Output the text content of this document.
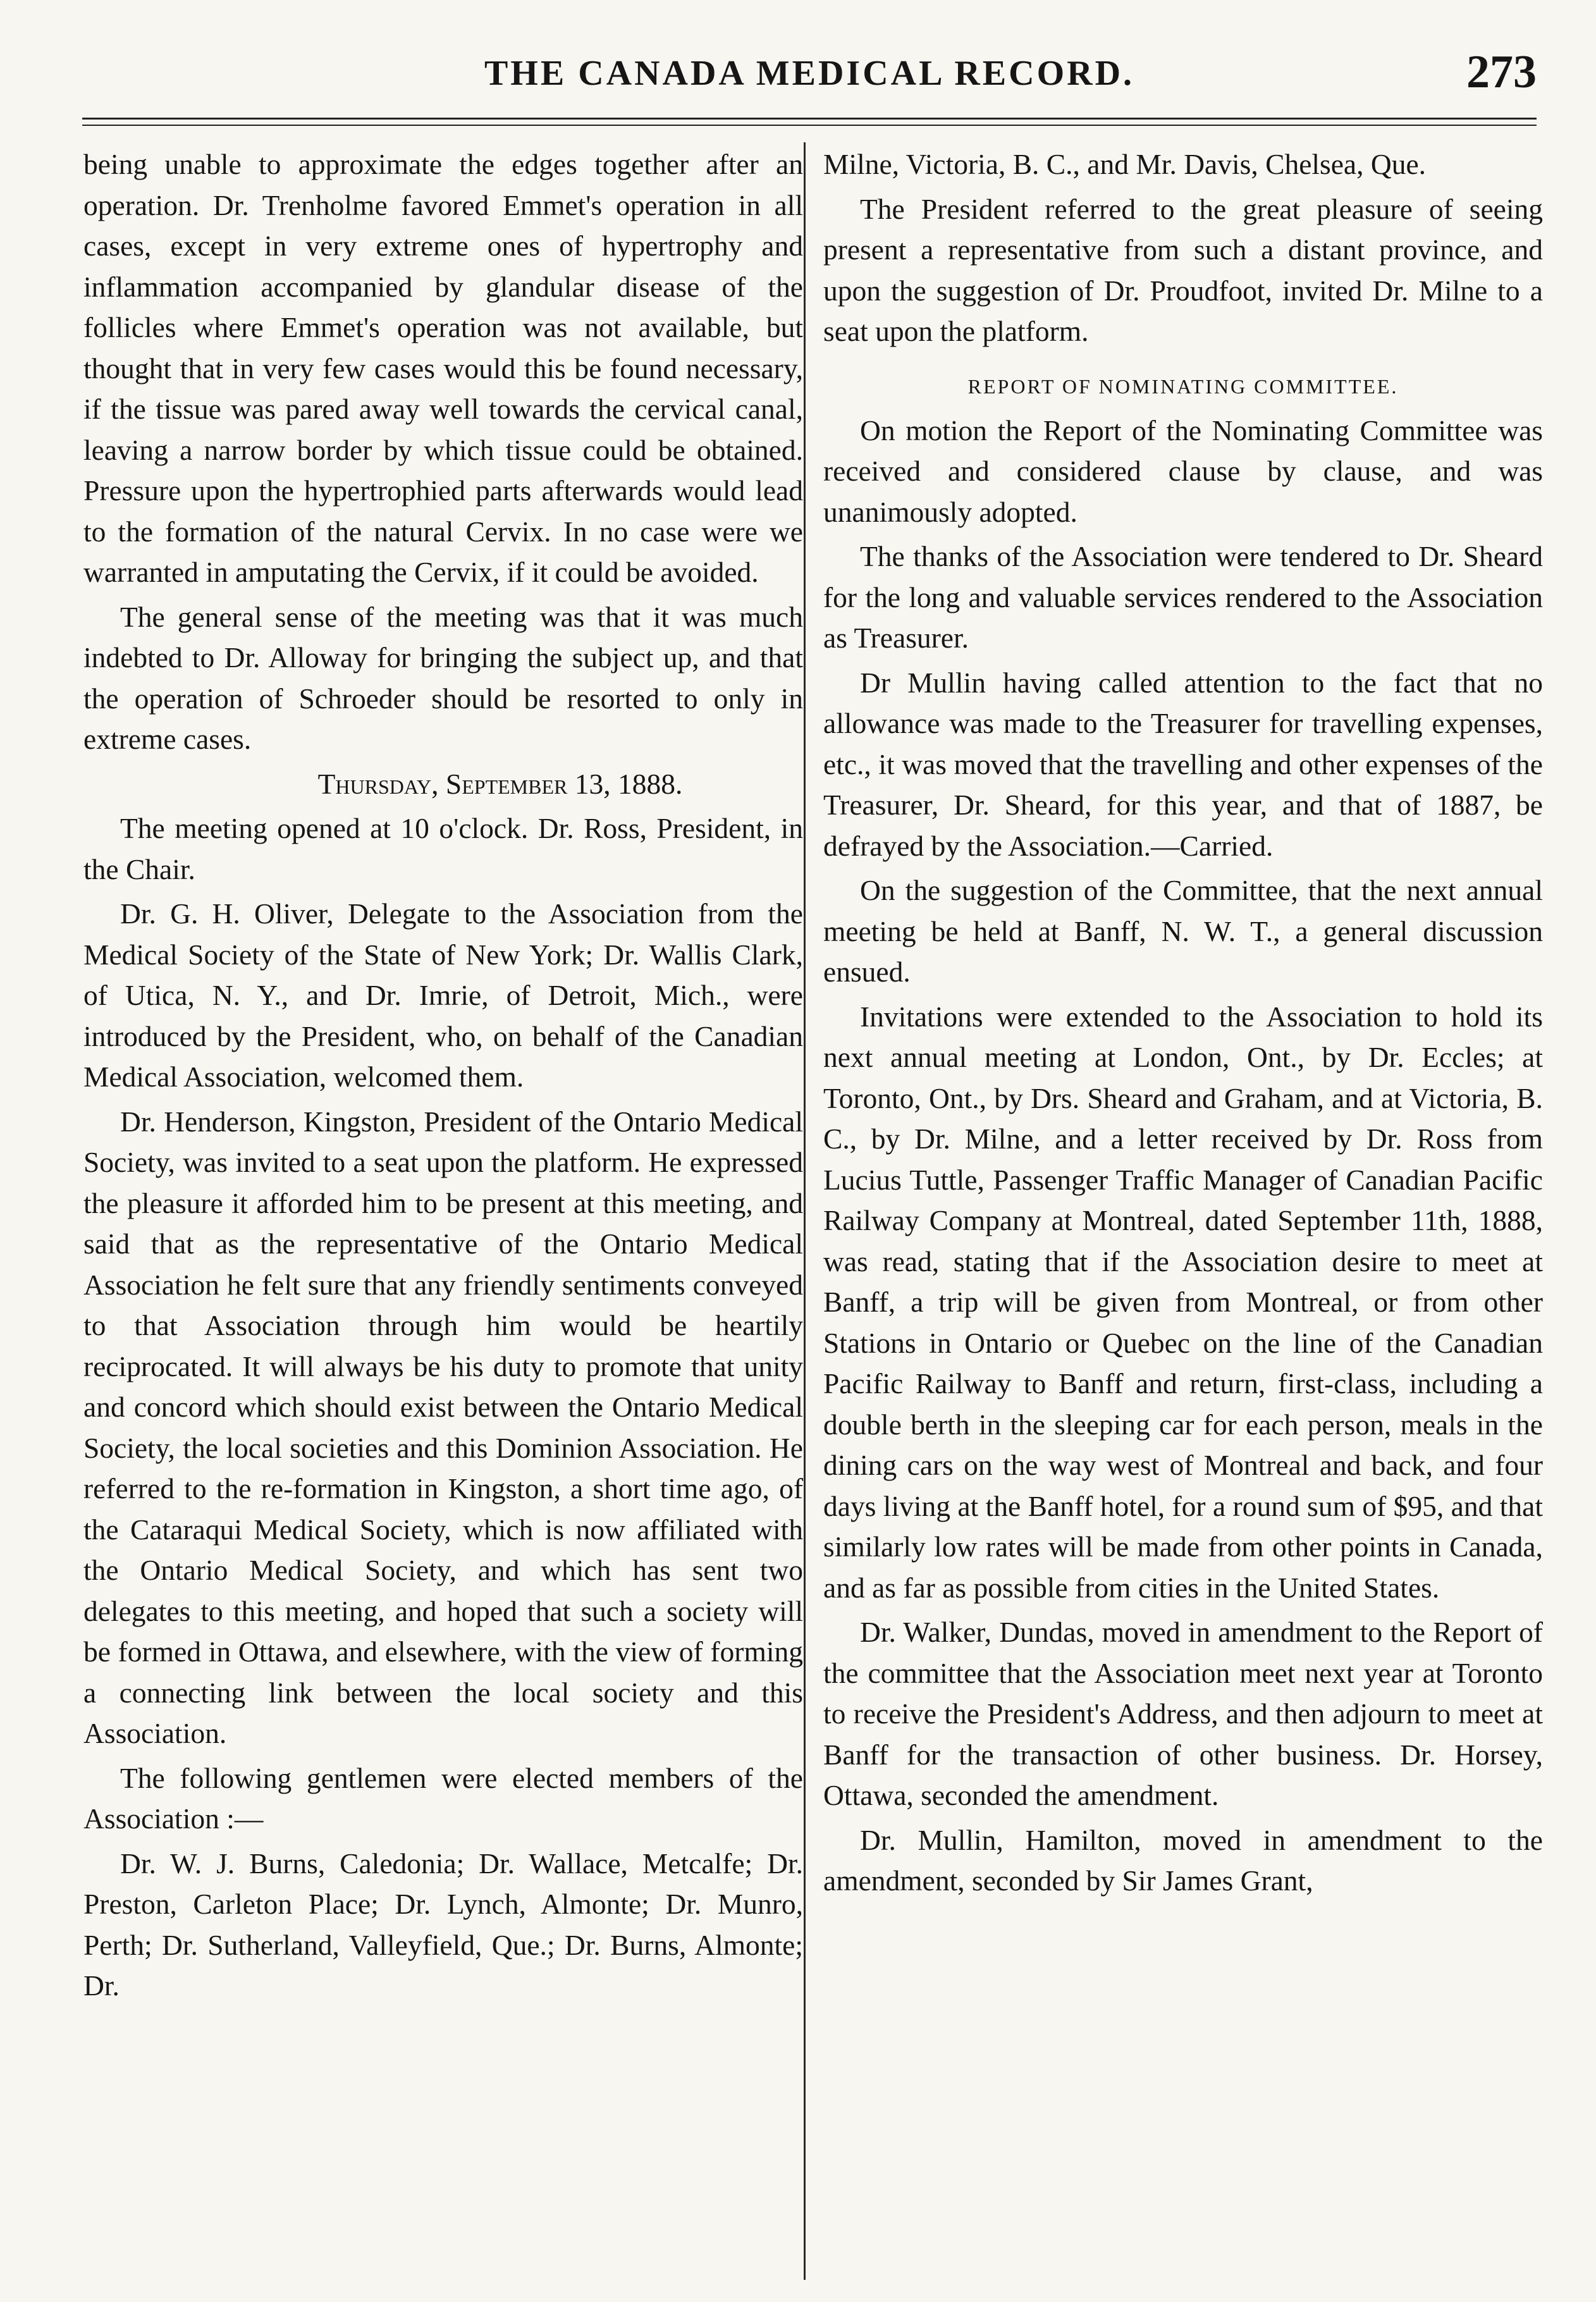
THE CANADA MEDICAL RECORD.	273

being unable to approximate the edges together after an operation. Dr. Trenholme favored Emmet's operation in all cases, except in very extreme ones of hypertrophy and inflammation accompanied by glandular disease of the follicles where Emmet's operation was not available, but thought that in very few cases would this be found necessary, if the tissue was pared away well towards the cervical canal, leaving a narrow border by which tissue could be obtained. Pressure upon the hypertrophied parts afterwards would lead to the formation of the natural Cervix. In no case were we warranted in amputating the Cervix, if it could be avoided.

The general sense of the meeting was that it was much indebted to Dr. Alloway for bringing the subject up, and that the operation of Schroeder should be resorted to only in extreme cases.

Thursday, September 13, 1888.

The meeting opened at 10 o'clock. Dr. Ross, President, in the Chair.

Dr. G. H. Oliver, Delegate to the Association from the Medical Society of the State of New York; Dr. Wallis Clark, of Utica, N. Y., and Dr. Imrie, of Detroit, Mich., were introduced by the President, who, on behalf of the Canadian Medical Association, welcomed them.

Dr. Henderson, Kingston, President of the Ontario Medical Society, was invited to a seat upon the platform. He expressed the pleasure it afforded him to be present at this meeting, and said that as the representative of the Ontario Medical Association he felt sure that any friendly sentiments conveyed to that Association through him would be heartily reciprocated. It will always be his duty to promote that unity and concord which should exist between the Ontario Medical Society, the local societies and this Dominion Association. He referred to the re-formation in Kingston, a short time ago, of the Cataraqui Medical Society, which is now affiliated with the Ontario Medical Society, and which has sent two delegates to this meeting, and hoped that such a society will be formed in Ottawa, and elsewhere, with the view of forming a connecting link between the local society and this Association.

The following gentlemen were elected members of the Association :—

Dr. W. J. Burns, Caledonia; Dr. Wallace, Metcalfe; Dr. Preston, Carleton Place; Dr. Lynch, Almonte; Dr. Munro, Perth; Dr. Sutherland, Valleyfield, Que.; Dr. Burns, Almonte; Dr.

Milne, Victoria, B. C., and Mr. Davis, Chelsea, Que.

The President referred to the great pleasure of seeing present a representative from such a distant province, and upon the suggestion of Dr. Proudfoot, invited Dr. Milne to a seat upon the platform.

REPORT OF NOMINATING COMMITTEE.

On motion the Report of the Nominating Committee was received and considered clause by clause, and was unanimously adopted.

The thanks of the Association were tendered to Dr. Sheard for the long and valuable services rendered to the Association as Treasurer.

Dr Mullin having called attention to the fact that no allowance was made to the Treasurer for travelling expenses, etc., it was moved that the travelling and other expenses of the Treasurer, Dr. Sheard, for this year, and that of 1887, be defrayed by the Association.—Carried.

On the suggestion of the Committee, that the next annual meeting be held at Banff, N. W. T., a general discussion ensued.

Invitations were extended to the Association to hold its next annual meeting at London, Ont., by Dr. Eccles; at Toronto, Ont., by Drs. Sheard and Graham, and at Victoria, B. C., by Dr. Milne, and a letter received by Dr. Ross from Lucius Tuttle, Passenger Traffic Manager of Canadian Pacific Railway Company at Montreal, dated September 11th, 1888, was read, stating that if the Association desire to meet at Banff, a trip will be given from Montreal, or from other Stations in Ontario or Quebec on the line of the Canadian Pacific Railway to Banff and return, first-class, including a double berth in the sleeping car for each person, meals in the dining cars on the way west of Montreal and back, and four days living at the Banff hotel, for a round sum of $95, and that similarly low rates will be made from other points in Canada, and as far as possible from cities in the United States.

Dr. Walker, Dundas, moved in amendment to the Report of the committee that the Association meet next year at Toronto to receive the President's Address, and then adjourn to meet at Banff for the transaction of other business. Dr. Horsey, Ottawa, seconded the amendment.

Dr. Mullin, Hamilton, moved in amendment to the amendment, seconded by Sir James Grant,
